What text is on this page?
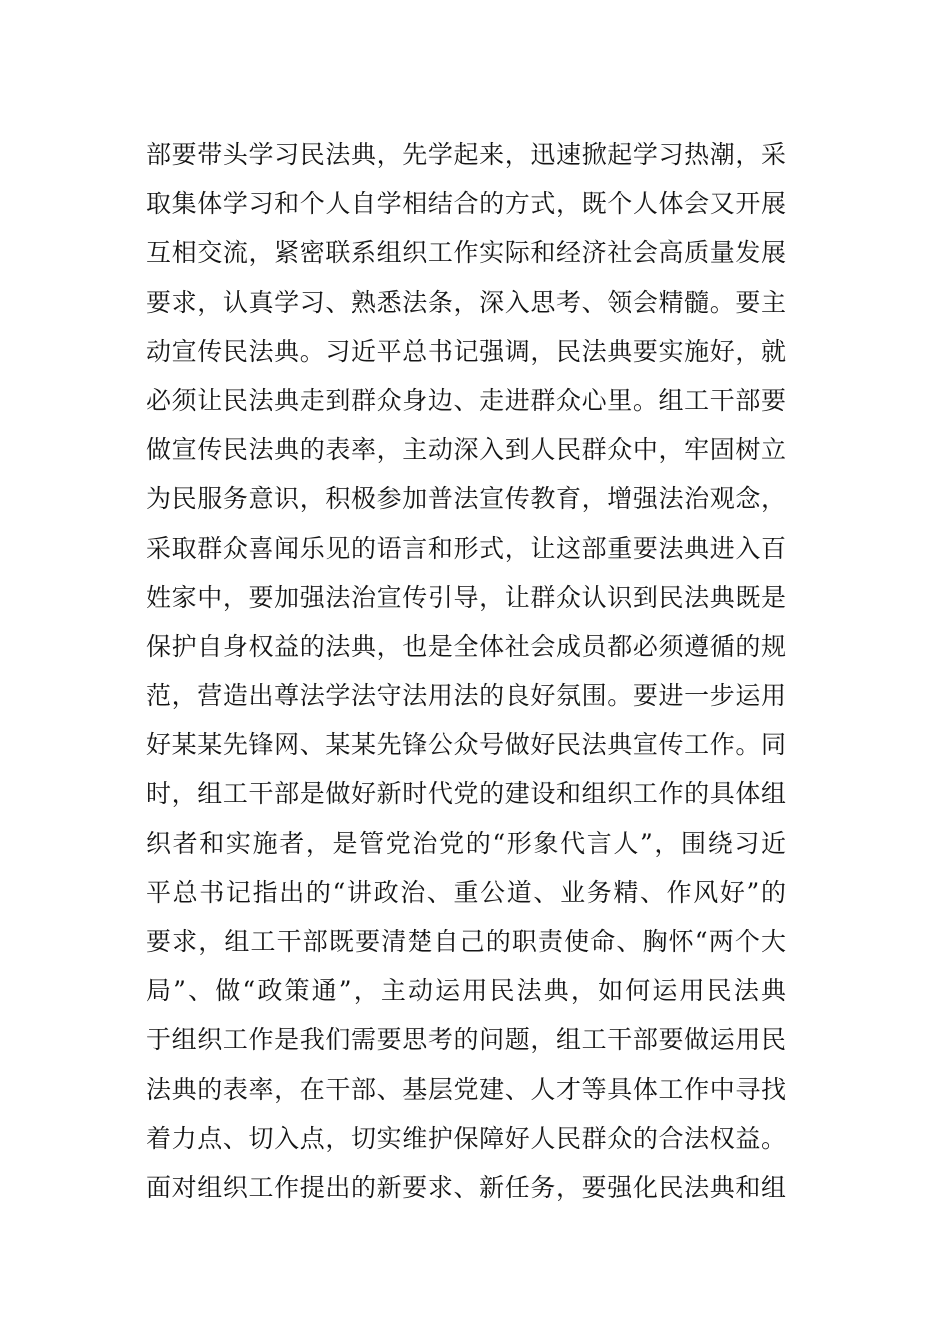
部要带头学习民法典，先学起来，迅速掀起学习热潮，采
取集体学习和个人自学相结合的方式，既个人体会又开展
互相交流，紧密联系组织工作实际和经济社会高质量发展
要求，认真学习、熟悉法条，深入思考、领会精髓。要主
动宣传民法典。习近平总书记强调，民法典要实施好，就
必须让民法典走到群众身边、走进群众心里。组工干部要
做宣传民法典的表率，主动深入到人民群众中，牢固树立
为民服务意识，积极参加普法宣传教育，增强法治观念，
采取群众喜闻乐见的语言和形式，让这部重要法典进入百
姓家中，要加强法治宣传引导，让群众认识到民法典既是
保护自身权益的法典，也是全体社会成员都必须遵循的规
范，营造出尊法学法守法用法的良好氛围。要进一步运用
好某某先锋网、某某先锋公众号做好民法典宣传工作。同
时，组工干部是做好新时代党的建设和组织工作的具体组
织者和实施者，是管党治党的“形象代言人”，围绕习近
平总书记指出的“讲政治、重公道、业务精、作风好”的
要求，组工干部既要清楚自己的职责使命、胸怀“两个大
局”、做“政策通”，主动运用民法典，如何运用民法典
于组织工作是我们需要思考的问题，组工干部要做运用民
法典的表率，在干部、基层党建、人才等具体工作中寻找
着力点、切入点，切实维护保障好人民群众的合法权益。
面对组织工作提出的新要求、新任务，要强化民法典和组
